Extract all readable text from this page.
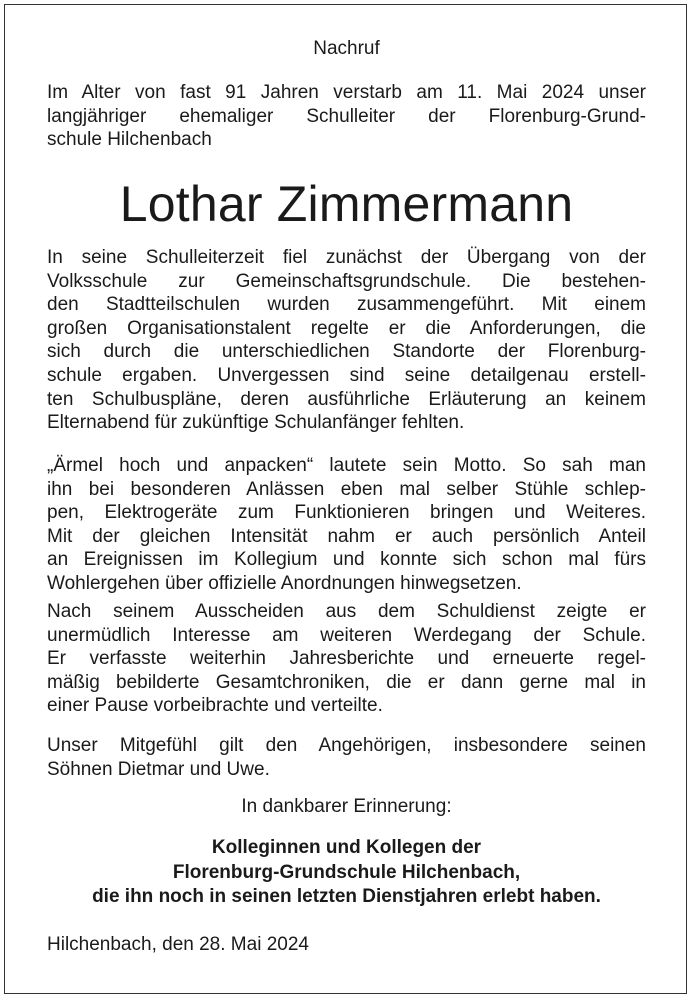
Nachruf
Im Alter von fast 91 Jahren verstarb am 11. Mai 2024 unser
langjähriger ehemaliger Schulleiter der Florenburg-Grund-
schule Hilchenbach
Lothar Zimmermann
In seine Schulleiterzeit fiel zunächst der Übergang von der
Volksschule zur Gemeinschaftsgrundschule. Die bestehen-
den Stadtteilschulen wurden zusammengeführt. Mit einem
großen Organisationstalent regelte er die Anforderungen, die
sich durch die unterschiedlichen Standorte der Florenburg-
schule ergaben. Unvergessen sind seine detailgenau erstell-
ten Schulbuspläne, deren ausführliche Erläuterung an keinem
Elternabend für zukünftige Schulanfänger fehlten.
„Ärmel hoch und anpacken“ lautete sein Motto. So sah man
ihn bei besonderen Anlässen eben mal selber Stühle schlep-
pen, Elektrogeräte zum Funktionieren bringen und Weiteres.
Mit der gleichen Intensität nahm er auch persönlich Anteil
an Ereignissen im Kollegium und konnte sich schon mal fürs
Wohlergehen über offizielle Anordnungen hinwegsetzen.
Nach seinem Ausscheiden aus dem Schuldienst zeigte er
unermüdlich Interesse am weiteren Werdegang der Schule.
Er verfasste weiterhin Jahresberichte und erneuerte regel-
mäßig bebilderte Gesamtchroniken, die er dann gerne mal in
einer Pause vorbeibrachte und verteilte.
Unser Mitgefühl gilt den Angehörigen, insbesondere seinen
Söhnen Dietmar und Uwe.
In dankbarer Erinnerung:
Kolleginnen und Kollegen der
Florenburg-Grundschule Hilchenbach,
die ihn noch in seinen letzten Dienstjahren erlebt haben.
Hilchenbach, den 28. Mai 2024
